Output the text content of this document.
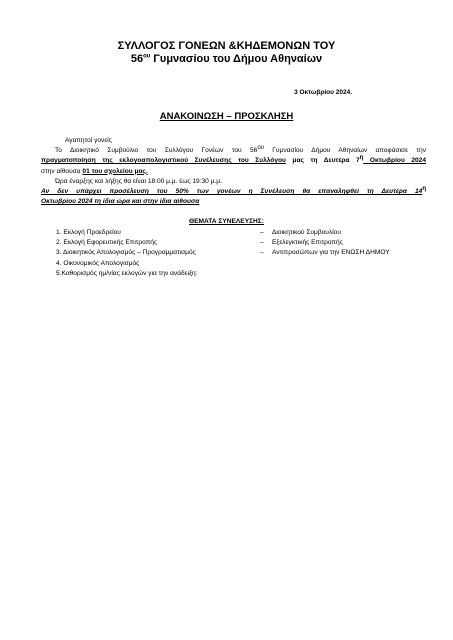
ΣΥΛΛΟΓΟΣ ΓΟΝΕΩΝ &ΚΗΔΕΜΟΝΩΝ ΤΟΥ
$56^{o\upsilon}$ Γυμνασίου του Δήμου Αθηναίων
3 Οκτωβρίου 2024.
ΑΝΑΚΟΙΝΩΣΗ – ΠΡΟΣΚΛΗΣΗ

Αγαπητοί γονείς

Το Διοικητικό Συμβούλιο του Συλλόγου Γονέων του $56^{o\upsilon}$ Γυμνασίου Δήμου Αθηναίων αποφάσισε την

πραγματοποίηση της εκλογοαπολογιστικού Συνέλευσης του Συλλόγου μας τη Δευτέρα $7^\eta$ Οκτωβρίου 2024

στην αίθουσα 01 του σχολείου μας.

Ώρα έναρξης και λήξης θα είναι 18:00 μ.μ. έως 19:30 μ.μ.

Αν δεν υπάρχει προσέλευση του 50% των γονέων η Συνέλευση θα επαναληφθεί τη Δευτέρα $14^\eta$

Οκτωβρίου 2024 τη ίδια ώρα και στην ίδια αίθουσα

ΘΕΜΑΤΑ ΣΥΝΕΛΕΥΣΗΣ:
1. Εκλογή Προεδρείου
2. Εκλογή Εφορευτικής Επιτροπής
3. Διοικητικός Απολογισμός – Προγραμματισμός
4. Οικονομικός Απολογισμός
5.Καθορισμός ημ/νίας εκλογών για την ανάδειξη:
– Διοικητικού Συμβουλίου
– Εξελεγκτικής Επιτροπής
– Αντιπροσώπων για την ΕΝΩΣΗ ΔΗΜΟΥ
